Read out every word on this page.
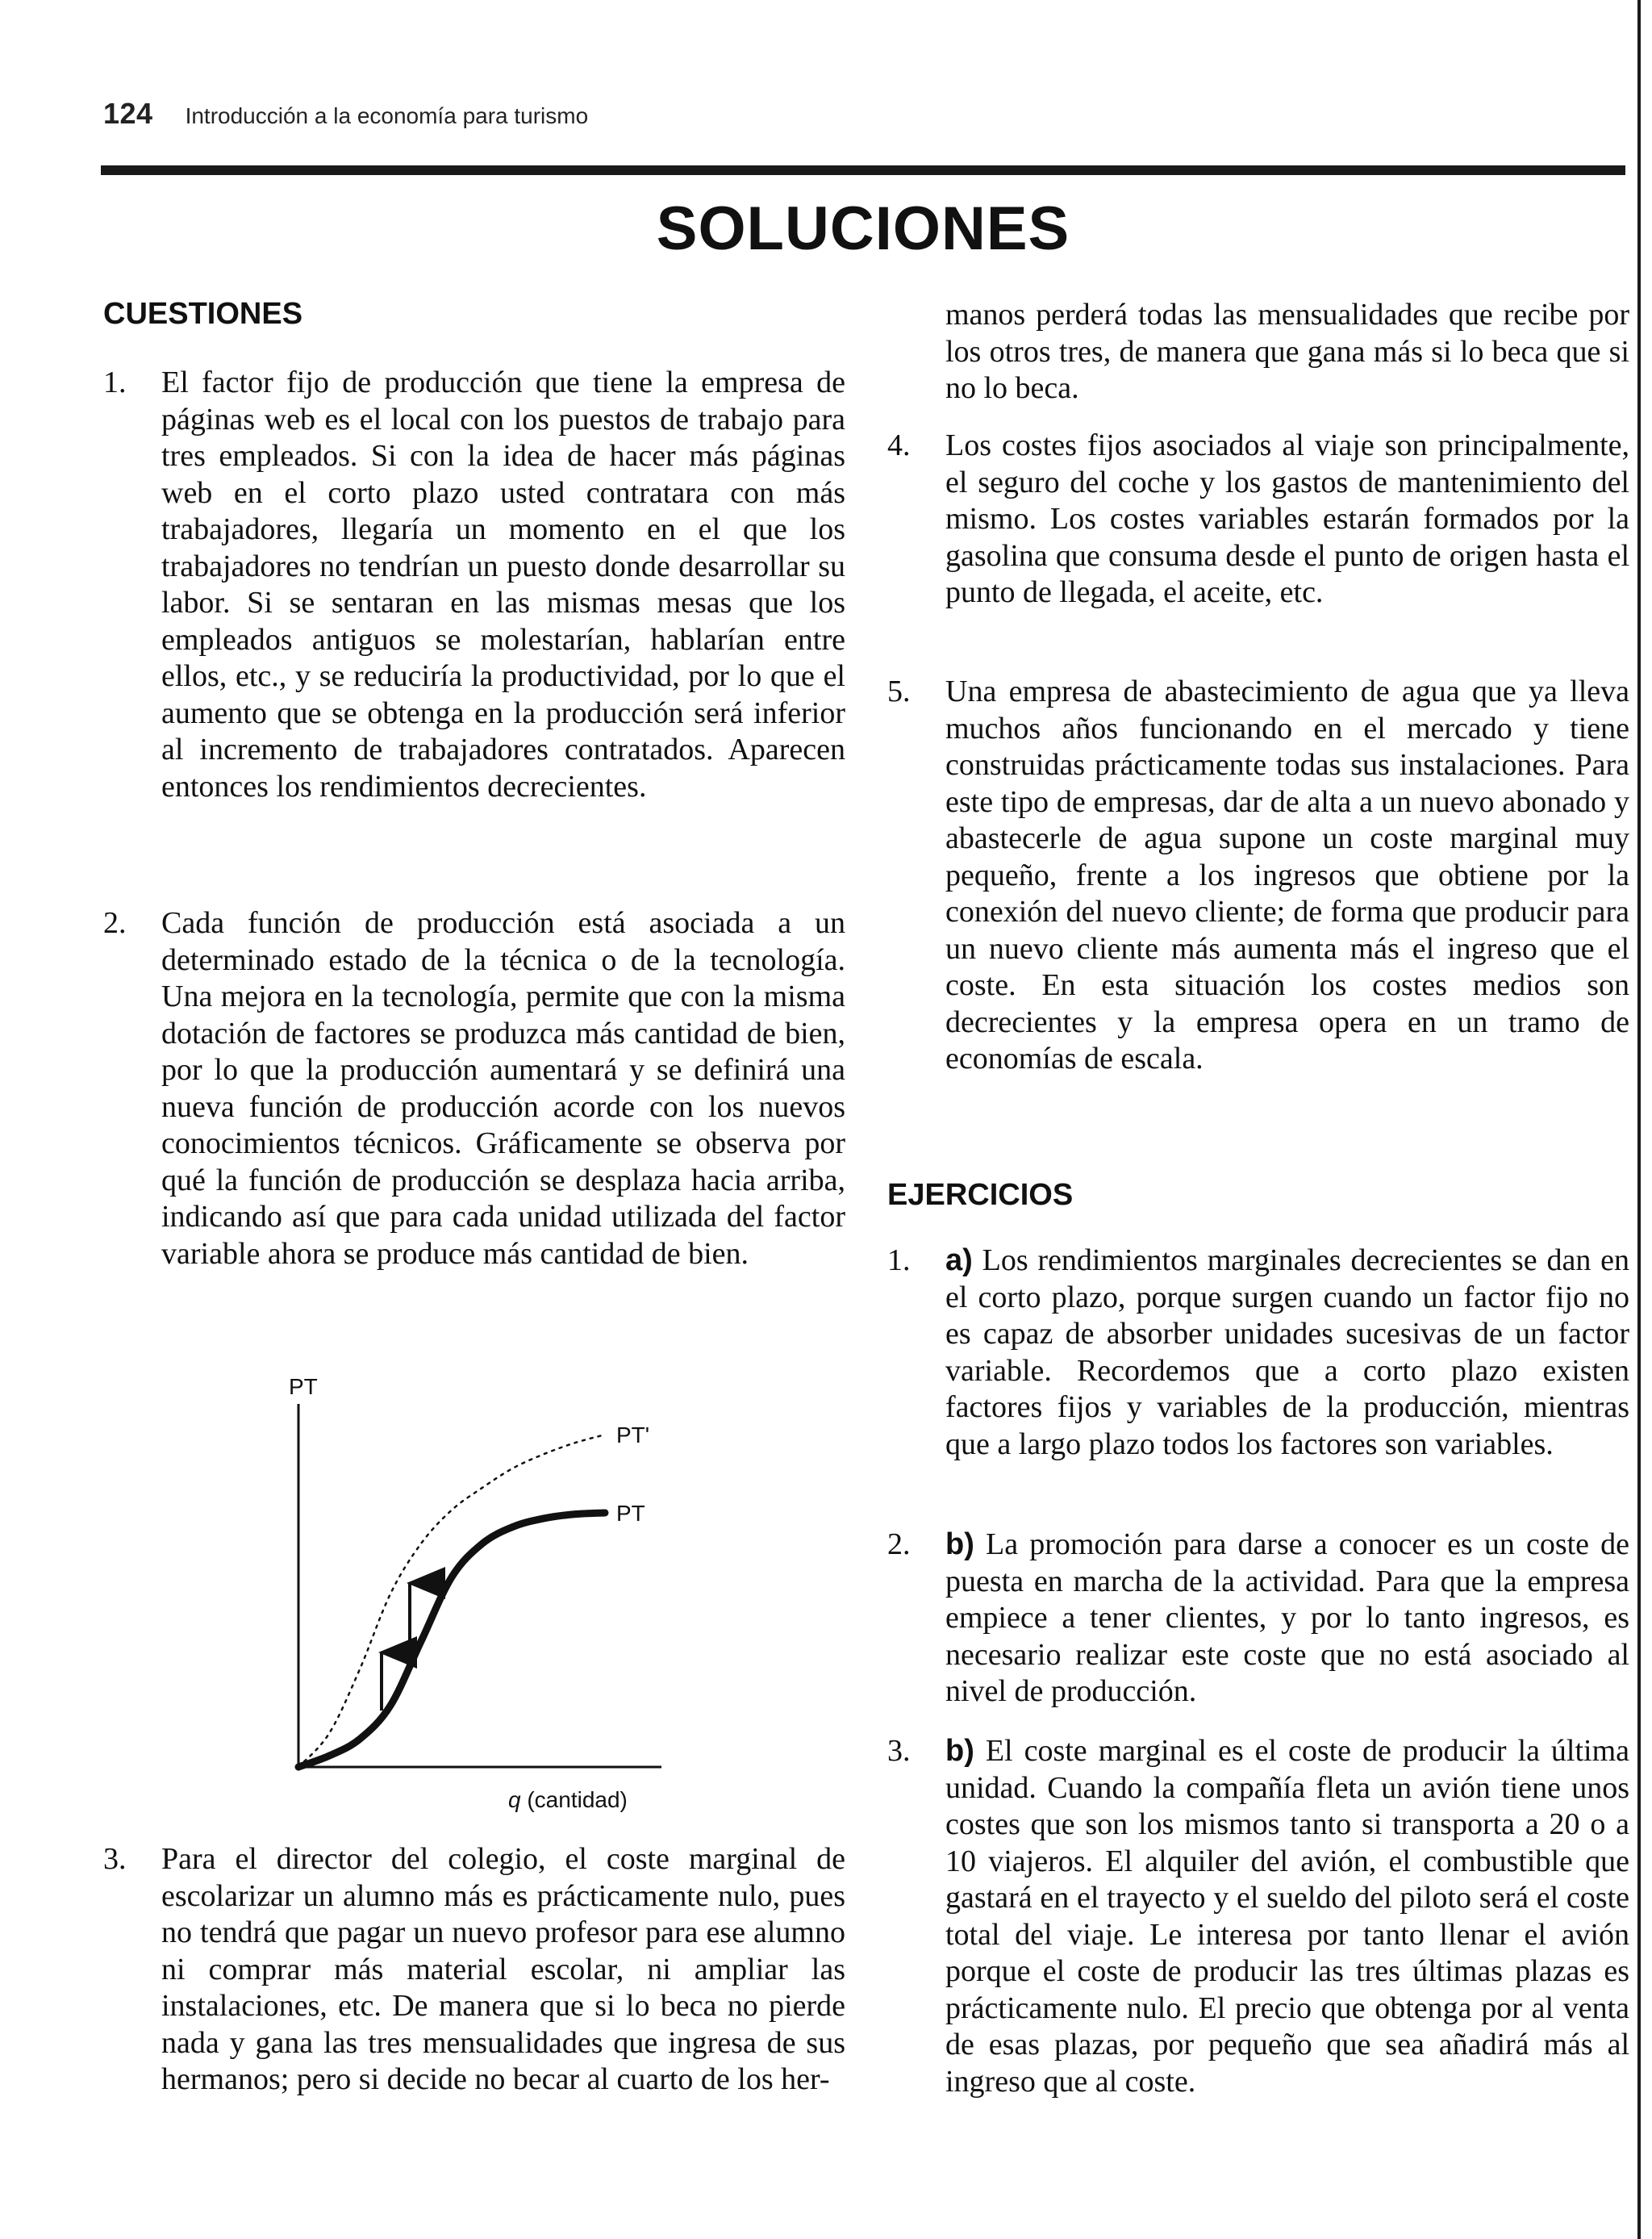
124 Introducción a la economía para turismo
SOLUCIONES
CUESTIONES
1. El factor fijo de producción que tiene la empresa de páginas web es el local con los puestos de trabajo para tres empleados. Si con la idea de hacer más páginas web en el corto plazo usted contratara con más trabajadores, llegaría un momento en el que los trabajadores no tendrían un puesto donde desarrollar su labor. Si se sentaran en las mismas mesas que los empleados antiguos se molestarían, hablarían entre ellos, etc., y se reduciría la productividad, por lo que el aumento que se obtenga en la producción será inferior al incremento de trabajadores contratados. Aparecen entonces los rendimientos decrecientes.
2. Cada función de producción está asociada a un determinado estado de la técnica o de la tecnología. Una mejora en la tecnología, permite que con la misma dotación de factores se produzca más cantidad de bien, por lo que la producción aumentará y se definirá una nueva función de producción acorde con los nuevos conocimientos técnicos. Gráficamente se observa por qué la función de producción se desplaza hacia arriba, indicando así que para cada unidad utilizada del factor variable ahora se produce más cantidad de bien.
PT
q (cantidad)
PT'
PT
3. Para el director del colegio, el coste marginal de escolarizar un alumno más es prácticamente nulo, pues no tendrá que pagar un nuevo profesor para ese alumno ni comprar más material escolar, ni ampliar las instalaciones, etc. De manera que si lo beca no pierde nada y gana las tres mensualidades que ingresa de sus hermanos; pero si decide no becar al cuarto de los her-
manos perderá todas las mensualidades que recibe por los otros tres, de manera que gana más si lo beca que si no lo beca.
4. Los costes fijos asociados al viaje son principalmente, el seguro del coche y los gastos de mantenimiento del mismo. Los costes variables estarán formados por la gasolina que consuma desde el punto de origen hasta el punto de llegada, el aceite, etc.
5. Una empresa de abastecimiento de agua que ya lleva muchos años funcionando en el mercado y tiene construidas prácticamente todas sus instalaciones. Para este tipo de empresas, dar de alta a un nuevo abonado y abastecerle de agua supone un coste marginal muy pequeño, frente a los ingresos que obtiene por la conexión del nuevo cliente; de forma que producir para un nuevo cliente más aumenta más el ingreso que el coste. En esta situación los costes medios son decrecientes y la empresa opera en un tramo de economías de escala.
EJERCICIOS
1. a) Los rendimientos marginales decrecientes se dan en el corto plazo, porque surgen cuando un factor fijo no es capaz de absorber unidades sucesivas de un factor variable. Recordemos que a corto plazo existen factores fijos y variables de la producción, mientras que a largo plazo todos los factores son variables.
2. b) La promoción para darse a conocer es un coste de puesta en marcha de la actividad. Para que la empresa empiece a tener clientes, y por lo tanto ingresos, es necesario realizar este coste que no está asociado al nivel de producción.
3. b) El coste marginal es el coste de producir la última unidad. Cuando la compañía fleta un avión tiene unos costes que son los mismos tanto si transporta a 20 o a 10 viajeros. El alquiler del avión, el combustible que gastará en el trayecto y el sueldo del piloto será el coste total del viaje. Le interesa por tanto llenar el avión porque el coste de producir las tres últimas plazas es prácticamente nulo. El precio que obtenga por al venta de esas plazas, por pequeño que sea añadirá más al ingreso que al coste.
